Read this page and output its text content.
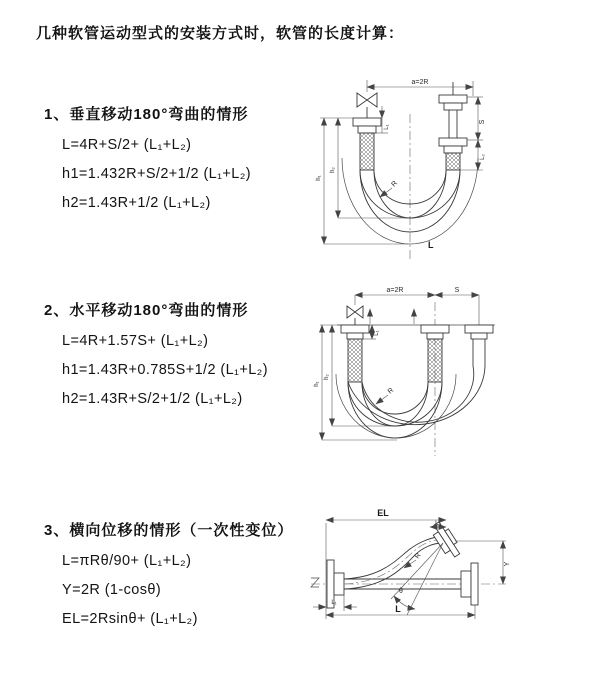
几种软管运动型式的安装方式时，软管的长度计算：
1、垂直移动180°弯曲的情形
L=4R+S/2+ (L₁+L₂)
h1=1.432R+S/2+1/2 (L₁+L₂)
h2=1.43R+1/2 (L₁+L₂)
2、水平移动180°弯曲的情形
L=4R+1.57S+ (L₁+L₂)
h1=1.43R+0.785S+1/2 (L₁+L₂)
h2=1.43R+S/2+1/2 (L₁+L₂)
3、横向位移的情形（一次性变位）
L=πRθ/90+ (L₁+L₂)
Y=2R (1-cosθ)
EL=2Rsinθ+ (L₁+L₂)
a=2R
R
L
S
L₂
h₁
h₂
L₁
a=2R	S
R
h₁
h₂
L₁
θ
R
EL
L₂
Y
L
L₁
